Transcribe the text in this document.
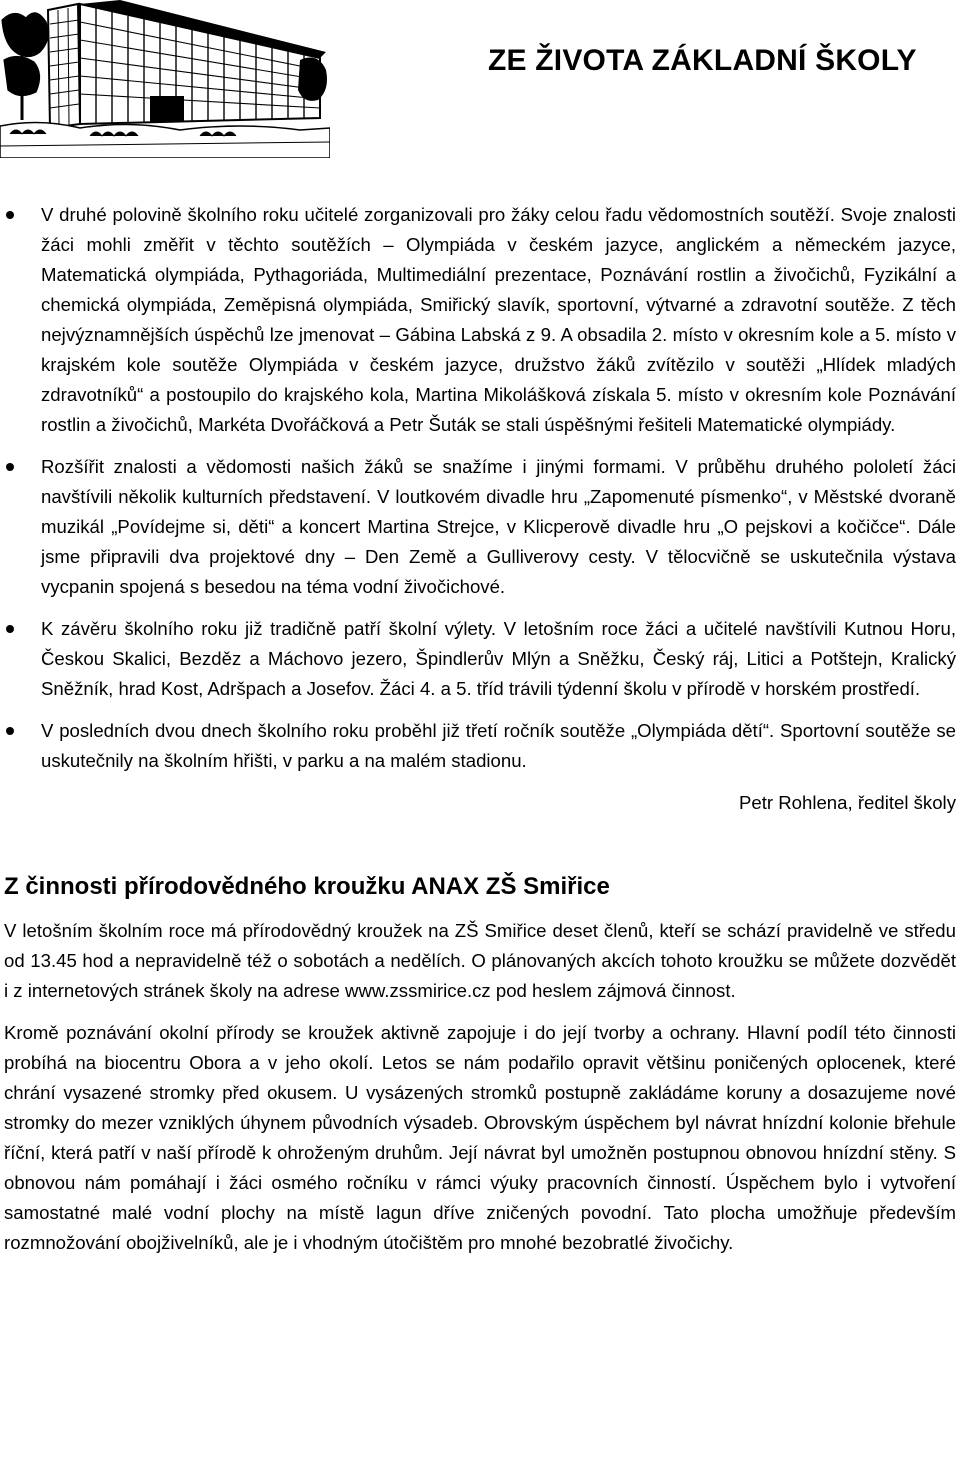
ZE ŽIVOTA ZÁKLADNÍ ŠKOLY
V druhé polovině školního roku učitelé zorganizovali pro žáky celou řadu vědomostních soutěží. Svoje znalosti žáci mohli změřit v těchto soutěžích – Olympiáda v českém jazyce, anglickém a německém jazyce, Matematická olympiáda, Pythagoriáda, Multimediální prezentace, Poznávání rostlin a živočichů, Fyzikální a chemická olympiáda, Zeměpisná olympiáda, Smiřický slavík, sportovní, výtvarné a zdravotní soutěže. Z těch nejvýznamnějších úspěchů lze jmenovat – Gábina Labská z 9. A obsadila 2. místo v okresním kole a 5. místo v krajském kole soutěže Olympiáda v českém jazyce, družstvo žáků zvítězilo v soutěži „Hlídek mladých zdravotníků“ a postoupilo do krajského kola, Martina Mikolášková získala 5. místo v okresním kole Poznávání rostlin a živočichů, Markéta Dvořáčková a Petr Šuták se stali úspěšnými řešiteli Matematické olympiády.
Rozšířit znalosti a vědomosti našich žáků se snažíme i jinými formami. V průběhu druhého pololetí žáci navštívili několik kulturních představení. V loutkovém divadle hru „Zapomenuté písmenko“, v Městské dvoraně muzikál „Povídejme si, děti“ a koncert Martina Strejce, v Klicperově divadle hru „O pejskovi a kočičce“. Dále jsme připravili dva projektové dny – Den Země a Gulliverovy cesty. V tělocvičně se uskutečnila výstava vycpanin spojená s besedou na téma vodní živočichové.
K závěru školního roku již tradičně patří školní výlety. V letošním roce žáci a učitelé navštívili Kutnou Horu, Českou Skalici, Bezděz a Máchovo jezero, Špindlerův Mlýn a Sněžku, Český ráj, Litici a Potštejn, Kralický Sněžník, hrad Kost, Adršpach a Josefov. Žáci 4. a 5. tříd trávili týdenní školu v přírodě v horském prostředí.
V posledních dvou dnech školního roku proběhl již třetí ročník soutěže „Olympiáda dětí“. Sportovní soutěže se uskutečnily na školním hřišti, v parku a na malém stadionu.
Petr Rohlena, ředitel školy
Z činnosti přírodovědného kroužku ANAX ZŠ Smiřice

V letošním školním roce má přírodovědný kroužek na ZŠ Smiřice deset členů, kteří se schází pravidelně ve středu od 13.45 hod a nepravidelně též o sobotách a nedělích. O plánovaných akcích tohoto kroužku se můžete dozvědět i z internetových stránek školy na adrese www.zssmirice.cz pod heslem zájmová činnost.

Kromě poznávání okolní přírody se kroužek aktivně zapojuje i do její tvorby a ochrany. Hlavní podíl této činnosti probíhá na biocentru Obora a v jeho okolí. Letos se nám podařilo opravit většinu poničených oplocenek, které chrání vysazené stromky před okusem. U vysázených stromků postupně zakládáme koruny a dosazujeme nové stromky do mezer vzniklých úhynem původních výsadeb. Obrovským úspěchem byl návrat hnízdní kolonie břehule říční, která patří v naší přírodě k ohroženým druhům. Její návrat byl umožněn postupnou obnovou hnízdní stěny. S obnovou nám pomáhají i žáci osmého ročníku v rámci výuky pracovních činností. Úspěchem bylo i vytvoření samostatné malé vodní plochy na místě lagun dříve zničených povodní. Tato plocha umožňuje především rozmnožování obojživelníků, ale je i vhodným útočištěm pro mnohé bezobratlé živočichy.
